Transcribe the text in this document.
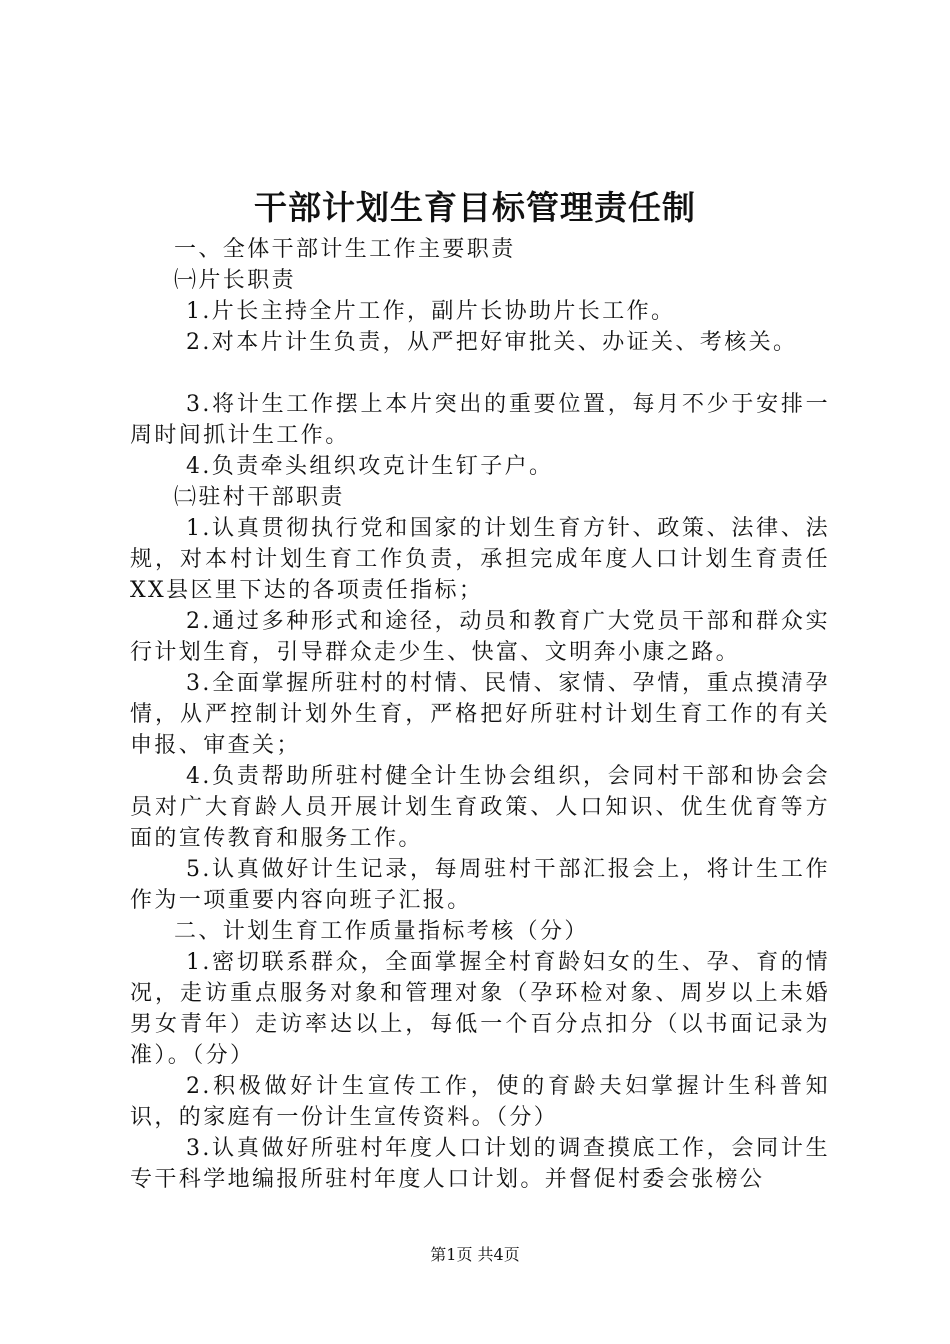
干部计划生育目标管理责任制

一、全体干部计生工作主要职责

㈠片长职责

1.片长主持全片工作，副片长协助片长工作。

2.对本片计生负责，从严把好审批关、办证关、考核关。

3.将计生工作摆上本片突出的重要位置，每月不少于安排一周时间抓计生工作。

4.负责牵头组织攻克计生钉子户。

㈡驻村干部职责

1.认真贯彻执行党和国家的计划生育方针、政策、法律、法规，对本村计划生育工作负责，承担完成年度人口计划生育责任XX县区里下达的各项责任指标；

2.通过多种形式和途径，动员和教育广大党员干部和群众实行计划生育，引导群众走少生、快富、文明奔小康之路。

3.全面掌握所驻村的村情、民情、家情、孕情，重点摸清孕情，从严控制计划外生育，严格把好所驻村计划生育工作的有关申报、审查关；

4.负责帮助所驻村健全计生协会组织，会同村干部和协会会员对广大育龄人员开展计划生育政策、人口知识、优生优育等方面的宣传教育和服务工作。

5.认真做好计生记录，每周驻村干部汇报会上，将计生工作作为一项重要内容向班子汇报。

二、计划生育工作质量指标考核（分）

1.密切联系群众，全面掌握全村育龄妇女的生、孕、育的情况，走访重点服务对象和管理对象（孕环检对象、周岁以上未婚男女青年）走访率达以上，每低一个百分点扣分（以书面记录为准）。（分）

2.积极做好计生宣传工作，使的育龄夫妇掌握计生科普知识，的家庭有一份计生宣传资料。（分）

3.认真做好所驻村年度人口计划的调查摸底工作，会同计生专干科学地编报所驻村年度人口计划。并督促村委会张榜公

第1页 共4页
